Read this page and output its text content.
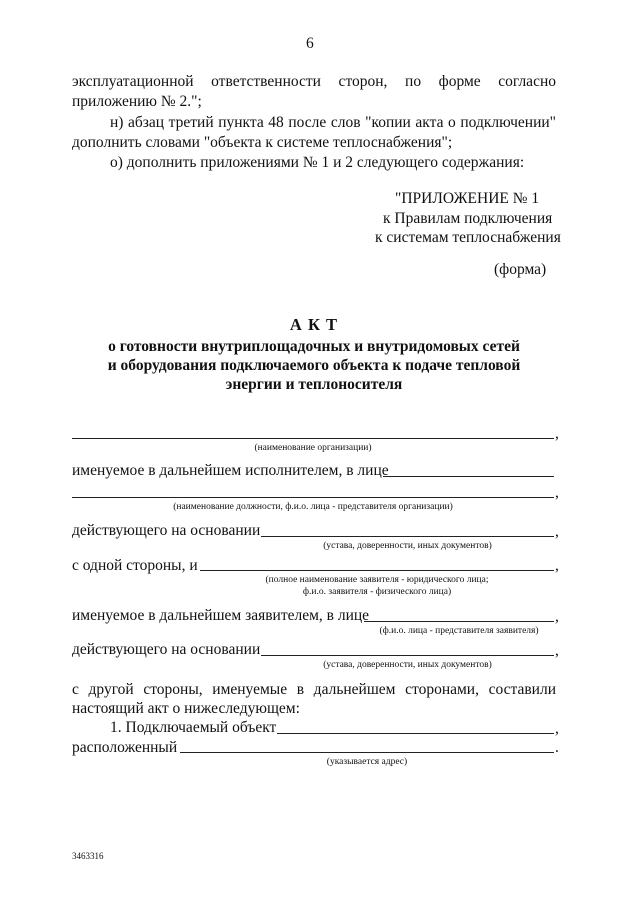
6
эксплуатационной ответственности сторон, по форме согласно
приложению № 2.";
н) абзац третий пункта 48 после слов "копии акта о подключении"
дополнить словами "объекта к системе теплоснабжения";
о) дополнить приложениями № 1 и 2 следующего содержания:
"ПРИЛОЖЕНИЕ № 1
к Правилам подключения
к системам теплоснабжения
(форма)
А К Т
о готовности внутриплощадочных и внутридомовых сетей
и оборудования подключаемого объекта к подаче тепловой
энергии и теплоносителя
,
(наименование организации)
именуемое в дальнейшем исполнителем, в лице
,
(наименование должности, ф.и.о. лица - представителя организации)
действующего на основании	,
(устава, доверенности, иных документов)
с одной стороны, и	,
(полное наименование заявителя - юридического лица;
ф.и.о. заявителя - физического лица)
именуемое в дальнейшем заявителем, в лице	,
(ф.и.о. лица - представителя заявителя)
действующего на основании	,
(устава, доверенности, иных документов)
с другой стороны, именуемые в дальнейшем сторонами, составили
настоящий акт о нижеследующем:
1. Подключаемый объект	,
расположенный	.
(указывается адрес)
3463316
